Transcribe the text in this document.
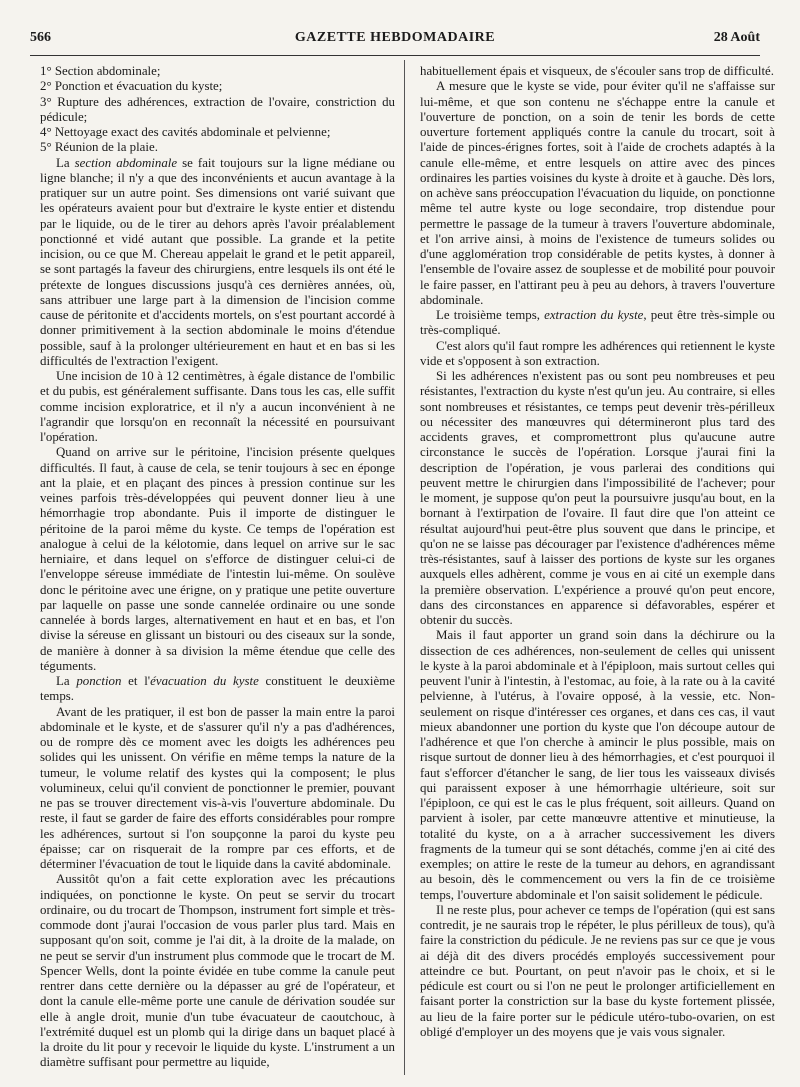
566	GAZETTE HEBDOMADAIRE	28 Août

1° Section abdominale;

2° Ponction et évacuation du kyste;

3° Rupture des adhérences, extraction de l'ovaire, constriction du pédicule;

4° Nettoyage exact des cavités abdominale et pelvienne;

5° Réunion de la plaie.

La section abdominale se fait toujours sur la ligne médiane ou ligne blanche; il n'y a que des inconvénients et aucun avantage à la pratiquer sur un autre point. Ses dimensions ont varié suivant que les opérateurs avaient pour but d'extraire le kyste entier et distendu par le liquide, ou de le tirer au dehors après l'avoir préalablement ponctionné et vidé autant que possible. La grande et la petite incision, ou ce que M. Chereau appelait le grand et le petit appareil, se sont partagés la faveur des chirurgiens, entre lesquels ils ont été le prétexte de longues discussions jusqu'à ces dernières années, où, sans attribuer une large part à la dimension de l'incision comme cause de péritonite et d'accidents mortels, on s'est pourtant accordé à donner primitivement à la section abdominale le moins d'étendue possible, sauf à la prolonger ultérieurement en haut et en bas si les difficultés de l'extraction l'exigent.

Une incision de 10 à 12 centimètres, à égale distance de l'ombilic et du pubis, est généralement suffisante. Dans tous les cas, elle suffit comme incision exploratrice, et il n'y a aucun inconvénient à ne l'agrandir que lorsqu'on en reconnaît la nécessité en poursuivant l'opération.

Quand on arrive sur le péritoine, l'incision présente quelques difficultés. Il faut, à cause de cela, se tenir toujours à sec en éponge ant la plaie, et en plaçant des pinces à pression continue sur les veines parfois très-développées qui peuvent donner lieu à une hémorrhagie trop abondante. Puis il importe de distinguer le péritoine de la paroi même du kyste. Ce temps de l'opération est analogue à celui de la kélotomie, dans lequel on arrive sur le sac herniaire, et dans lequel on s'efforce de distinguer celui-ci de l'enveloppe séreuse immédiate de l'intestin lui-même. On soulève donc le péritoine avec une érigne, on y pratique une petite ouverture par laquelle on passe une sonde cannelée ordinaire ou une sonde cannelée à bords larges, alternativement en haut et en bas, et l'on divise la séreuse en glissant un bistouri ou des ciseaux sur la sonde, de manière à donner à sa division la même étendue que celle des téguments.

La ponction et l'évacuation du kyste constituent le deuxième temps.

Avant de les pratiquer, il est bon de passer la main entre la paroi abdominale et le kyste, et de s'assurer qu'il n'y a pas d'adhérences, ou de rompre dès ce moment avec les doigts les adhérences peu solides qui les unissent. On vérifie en même temps la nature de la tumeur, le volume relatif des kystes qui la composent; le plus volumineux, celui qu'il convient de ponctionner le premier, pouvant ne pas se trouver directement vis-à-vis l'ouverture abdominale. Du reste, il faut se garder de faire des efforts considérables pour rompre les adhérences, surtout si l'on soupçonne la paroi du kyste peu épaisse; car on risquerait de la rompre par ces efforts, et de déterminer l'évacuation de tout le liquide dans la cavité abdominale.

Aussitôt qu'on a fait cette exploration avec les précautions indiquées, on ponctionne le kyste. On peut se servir du trocart ordinaire, ou du trocart de Thompson, instrument fort simple et très-commode dont j'aurai l'occasion de vous parler plus tard. Mais en supposant qu'on soit, comme je l'ai dit, à la droite de la malade, on ne peut se servir d'un instrument plus commode que le trocart de M. Spencer Wells, dont la pointe évidée en tube comme la canule peut rentrer dans cette dernière ou la dépasser au gré de l'opérateur, et dont la canule elle-même porte une canule de dérivation soudée sur elle à angle droit, munie d'un tube évacuateur de caoutchouc, à l'extrémité duquel est un plomb qui la dirige dans un baquet placé à la droite du lit pour y recevoir le liquide du kyste. L'instrument a un diamètre suffisant pour permettre au liquide,

habituellement épais et visqueux, de s'écouler sans trop de difficulté.

A mesure que le kyste se vide, pour éviter qu'il ne s'affaisse sur lui-même, et que son contenu ne s'échappe entre la canule et l'ouverture de ponction, on a soin de tenir les bords de cette ouverture fortement appliqués contre la canule du trocart, soit à l'aide de pinces-érignes fortes, soit à l'aide de crochets adaptés à la canule elle-même, et entre lesquels on attire avec des pinces ordinaires les parties voisines du kyste à droite et à gauche. Dès lors, on achève sans préoccupation l'évacuation du liquide, on ponctionne même tel autre kyste ou loge secondaire, trop distendue pour permettre le passage de la tumeur à travers l'ouverture abdominale, et l'on arrive ainsi, à moins de l'existence de tumeurs solides ou d'une agglomération trop considérable de petits kystes, à donner à l'ensemble de l'ovaire assez de souplesse et de mobilité pour pouvoir le faire passer, en l'attirant peu à peu au dehors, à travers l'ouverture abdominale.

Le troisième temps, extraction du kyste, peut être très-simple ou très-compliqué.

C'est alors qu'il faut rompre les adhérences qui retiennent le kyste vide et s'opposent à son extraction.

Si les adhérences n'existent pas ou sont peu nombreuses et peu résistantes, l'extraction du kyste n'est qu'un jeu. Au contraire, si elles sont nombreuses et résistantes, ce temps peut devenir très-périlleux ou nécessiter des manœuvres qui détermineront plus tard des accidents graves, et compromettront plus qu'aucune autre circonstance le succès de l'opération. Lorsque j'aurai fini la description de l'opération, je vous parlerai des conditions qui peuvent mettre le chirurgien dans l'impossibilité de l'achever; pour le moment, je suppose qu'on peut la poursuivre jusqu'au bout, en la bornant à l'extirpation de l'ovaire. Il faut dire que l'on atteint ce résultat aujourd'hui peut-être plus souvent que dans le principe, et qu'on ne se laisse pas décourager par l'existence d'adhérences même très-résistantes, sauf à laisser des portions de kyste sur les organes auxquels elles adhèrent, comme je vous en ai cité un exemple dans la première observation. L'expérience a prouvé qu'on peut encore, dans des circonstances en apparence si défavorables, espérer et obtenir du succès.

Mais il faut apporter un grand soin dans la déchirure ou la dissection de ces adhérences, non-seulement de celles qui unissent le kyste à la paroi abdominale et à l'épiploon, mais surtout celles qui peuvent l'unir à l'intestin, à l'estomac, au foie, à la rate ou à la cavité pelvienne, à l'utérus, à l'ovaire opposé, à la vessie, etc. Non-seulement on risque d'intéresser ces organes, et dans ces cas, il vaut mieux abandonner une portion du kyste que l'on découpe autour de l'adhérence et que l'on cherche à amincir le plus possible, mais on risque surtout de donner lieu à des hémorrhagies, et c'est pourquoi il faut s'efforcer d'étancher le sang, de lier tous les vaisseaux divisés qui paraissent exposer à une hémorrhagie ultérieure, soit sur l'épiploon, ce qui est le cas le plus fréquent, soit ailleurs. Quand on parvient à isoler, par cette manœuvre attentive et minutieuse, la totalité du kyste, on a à arracher successivement les divers fragments de la tumeur qui se sont détachés, comme j'en ai cité des exemples; on attire le reste de la tumeur au dehors, en agrandissant au besoin, dès le commencement ou vers la fin de ce troisième temps, l'ouverture abdominale et l'on saisit solidement le pédicule.

Il ne reste plus, pour achever ce temps de l'opération (qui est sans contredit, je ne saurais trop le répéter, le plus périlleux de tous), qu'à faire la constriction du pédicule. Je ne reviens pas sur ce que je vous ai déjà dit des divers procédés employés successivement pour atteindre ce but. Pourtant, on peut n'avoir pas le choix, et si le pédicule est court ou si l'on ne peut le prolonger artificiellement en faisant porter la constriction sur la base du kyste fortement plissée, au lieu de la faire porter sur le pédicule utéro-tubo-ovarien, on est obligé d'employer un des moyens que je vais vous signaler.
